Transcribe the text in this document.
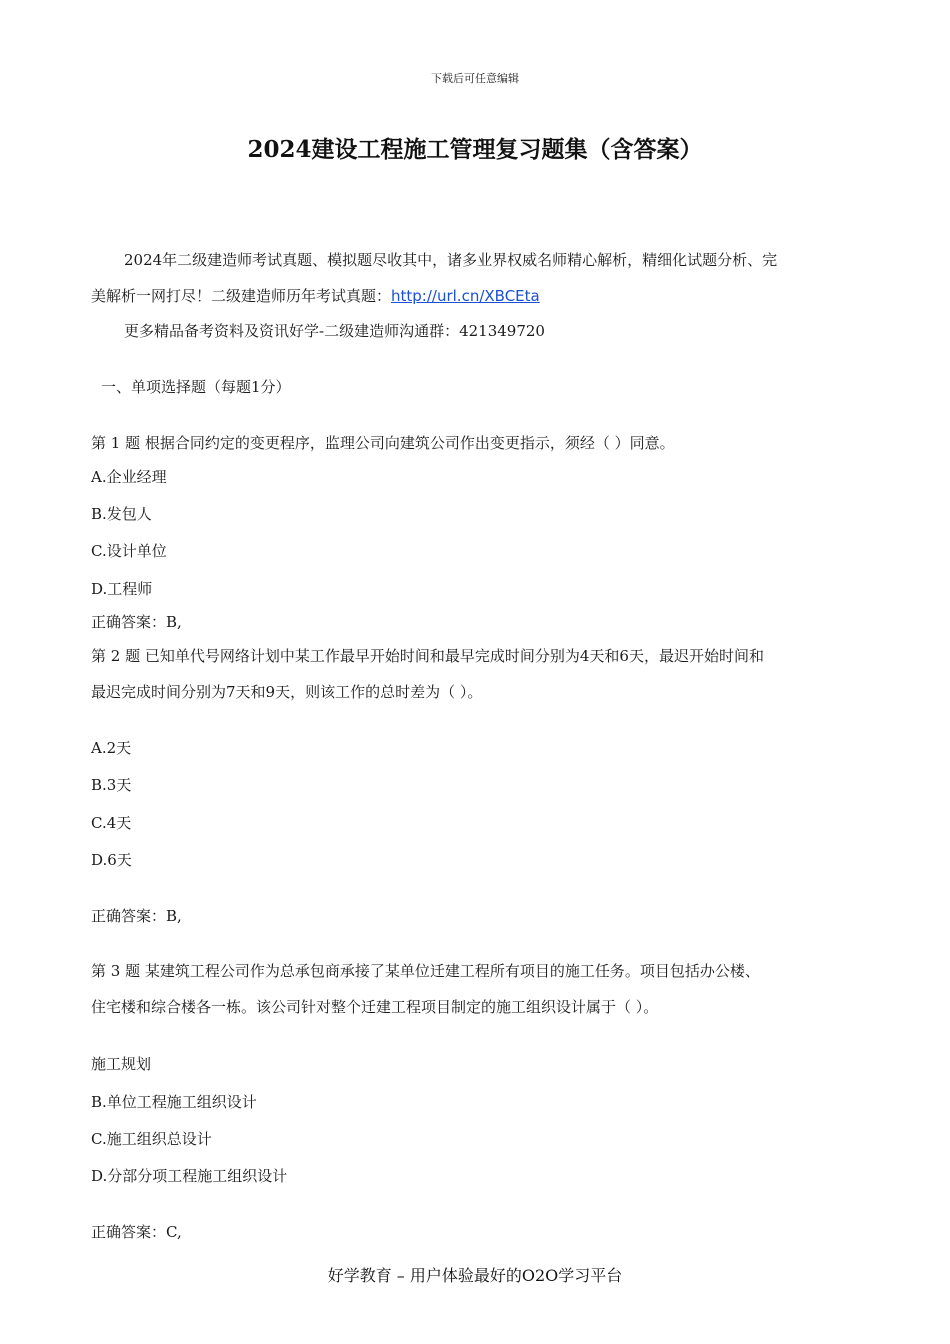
下载后可任意编辑
2024建设工程施工管理复习题集（含答案）
2024年二级建造师考试真题、模拟题尽收其中，诸多业界权威名师精心解析，精细化试题分析、完
美解析一网打尽！二级建造师历年考试真题：http://url.cn/XBCEta
更多精品备考资料及资讯好学-二级建造师沟通群：421349720
一、单项选择题（每题1分）
第 1 题 根据合同约定的变更程序，监理公司向建筑公司作出变更指示，须经（ ）同意。
A.企业经理
B.发包人
C.设计单位
D.工程师
正确答案：B,
第 2 题 已知单代号网络计划中某工作最早开始时间和最早完成时间分别为4天和6天，最迟开始时间和
最迟完成时间分别为7天和9天，则该工作的总时差为（ ）。
A.2天
B.3天
C.4天
D.6天
正确答案：B,
第 3 题 某建筑工程公司作为总承包商承接了某单位迁建工程所有项目的施工任务。项目包括办公楼、
住宅楼和综合楼各一栋。该公司针对整个迁建工程项目制定的施工组织设计属于（ ）。
施工规划
B.单位工程施工组织设计
C.施工组织总设计
D.分部分项工程施工组织设计
正确答案：C,
好学教育 – 用户体验最好的O2O学习平台
